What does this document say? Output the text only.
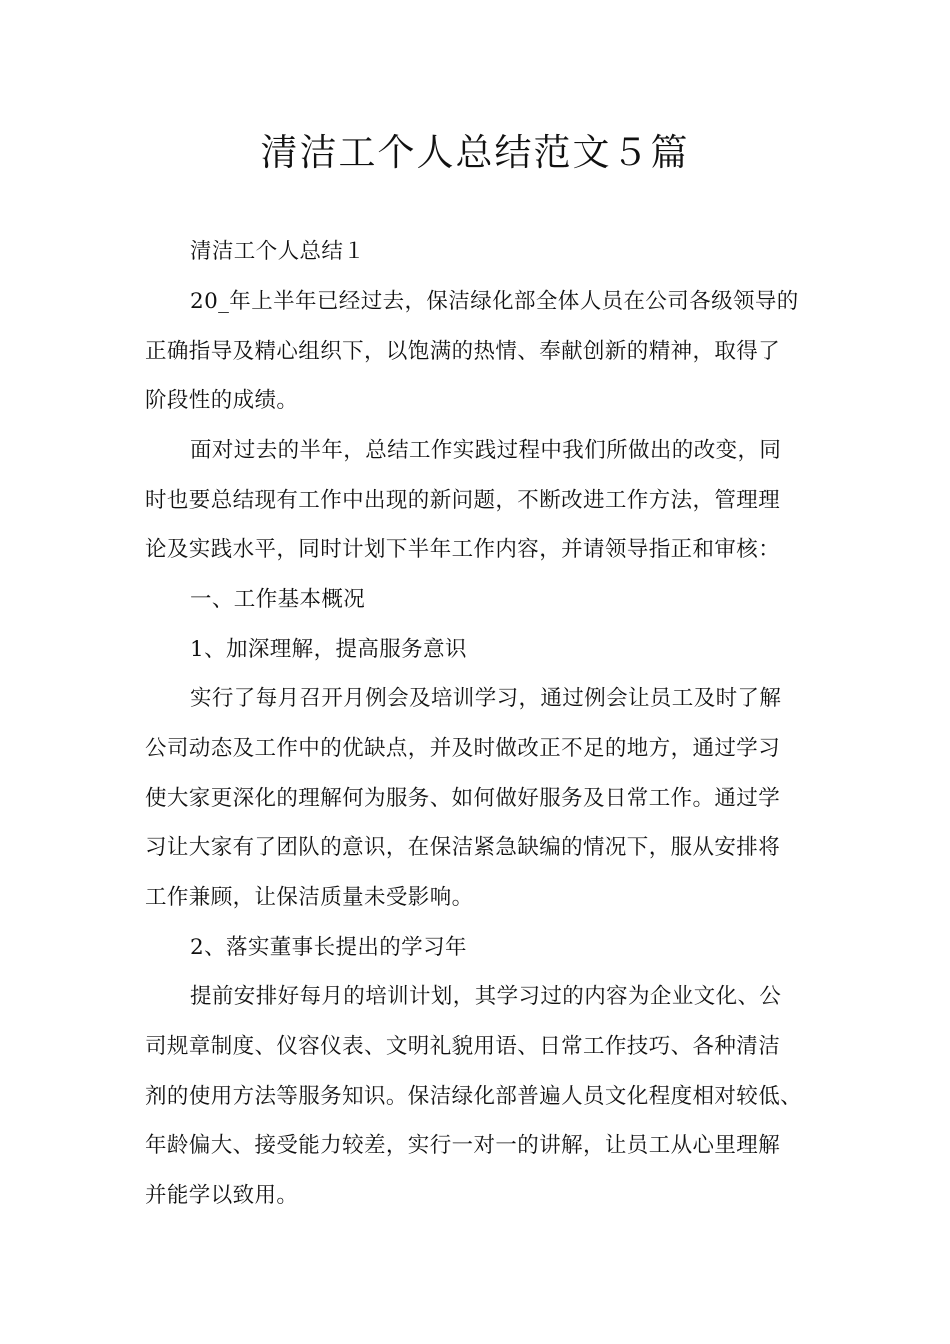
清洁工个人总结范文５篇
清洁工个人总结１
20_年上半年已经过去，保洁绿化部全体人员在公司各级领导的
正确指导及精心组织下，以饱满的热情、奉献创新的精神，取得了
阶段性的成绩。
面对过去的半年，总结工作实践过程中我们所做出的改变，同
时也要总结现有工作中出现的新问题，不断改进工作方法，管理理
论及实践水平，同时计划下半年工作内容，并请领导指正和审核：
一、工作基本概况
1、加深理解，提高服务意识
实行了每月召开月例会及培训学习，通过例会让员工及时了解
公司动态及工作中的优缺点，并及时做改正不足的地方，通过学习
使大家更深化的理解何为服务、如何做好服务及日常工作。通过学
习让大家有了团队的意识，在保洁紧急缺编的情况下，服从安排将
工作兼顾，让保洁质量未受影响。
2、落实董事长提出的学习年
提前安排好每月的培训计划，其学习过的内容为企业文化、公
司规章制度、仪容仪表、文明礼貌用语、日常工作技巧、各种清洁
剂的使用方法等服务知识。保洁绿化部普遍人员文化程度相对较低、
年龄偏大、接受能力较差，实行一对一的讲解，让员工从心里理解
并能学以致用。
